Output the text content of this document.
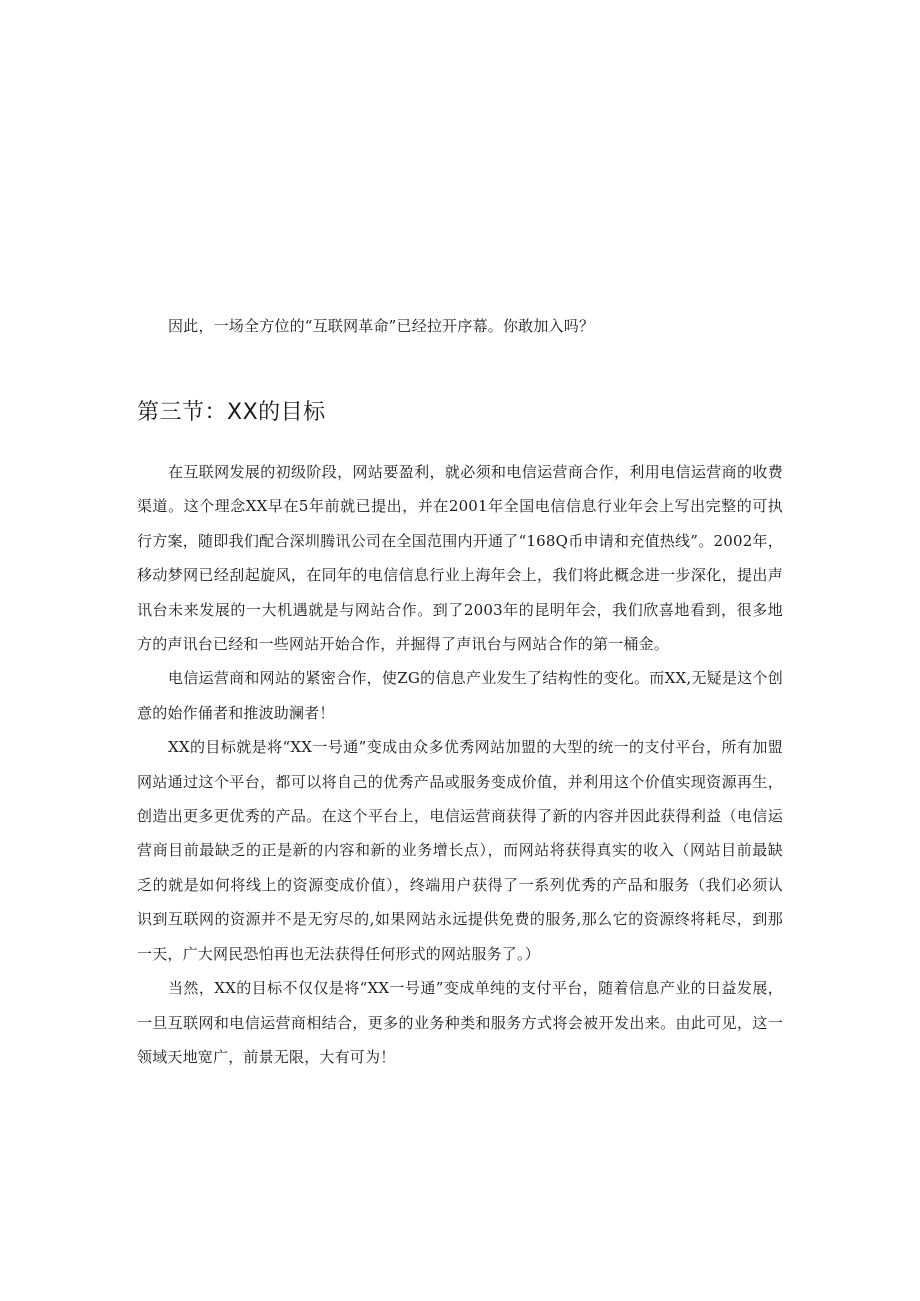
因此，一场全方位的“互联网革命”已经拉开序幕。你敢加入吗？

第三节：XX的目标

在互联网发展的初级阶段，网站要盈利，就必须和电信运营商合作，利用电信运营商的收费渠道。这个理念XX早在5年前就已提出，并在2001年全国电信信息行业年会上写出完整的可执行方案，随即我们配合深圳腾讯公司在全国范围内开通了“168Q币申请和充值热线”。2002年，移动梦网已经刮起旋风，在同年的电信信息行业上海年会上，我们将此概念进一步深化，提出声讯台未来发展的一大机遇就是与网站合作。到了2003年的昆明年会，我们欣喜地看到，很多地方的声讯台已经和一些网站开始合作，并掘得了声讯台与网站合作的第一桶金。

电信运营商和网站的紧密合作，使ZG的信息产业发生了结构性的变化。而XX,无疑是这个创意的始作俑者和推波助澜者！

XX的目标就是将“XX一号通”变成由众多优秀网站加盟的大型的统一的支付平台，所有加盟网站通过这个平台，都可以将自己的优秀产品或服务变成价值，并利用这个价值实现资源再生，创造出更多更优秀的产品。在这个平台上，电信运营商获得了新的内容并因此获得利益（电信运营商目前最缺乏的正是新的内容和新的业务增长点），而网站将获得真实的收入（网站目前最缺乏的就是如何将线上的资源变成价值），终端用户获得了一系列优秀的产品和服务（我们必须认识到互联网的资源并不是无穷尽的,如果网站永远提供免费的服务,那么它的资源终将耗尽，到那一天，广大网民恐怕再也无法获得任何形式的网站服务了。）

当然，XX的目标不仅仅是将“XX一号通”变成单纯的支付平台，随着信息产业的日益发展，一旦互联网和电信运营商相结合，更多的业务种类和服务方式将会被开发出来。由此可见，这一领域天地宽广，前景无限，大有可为！
